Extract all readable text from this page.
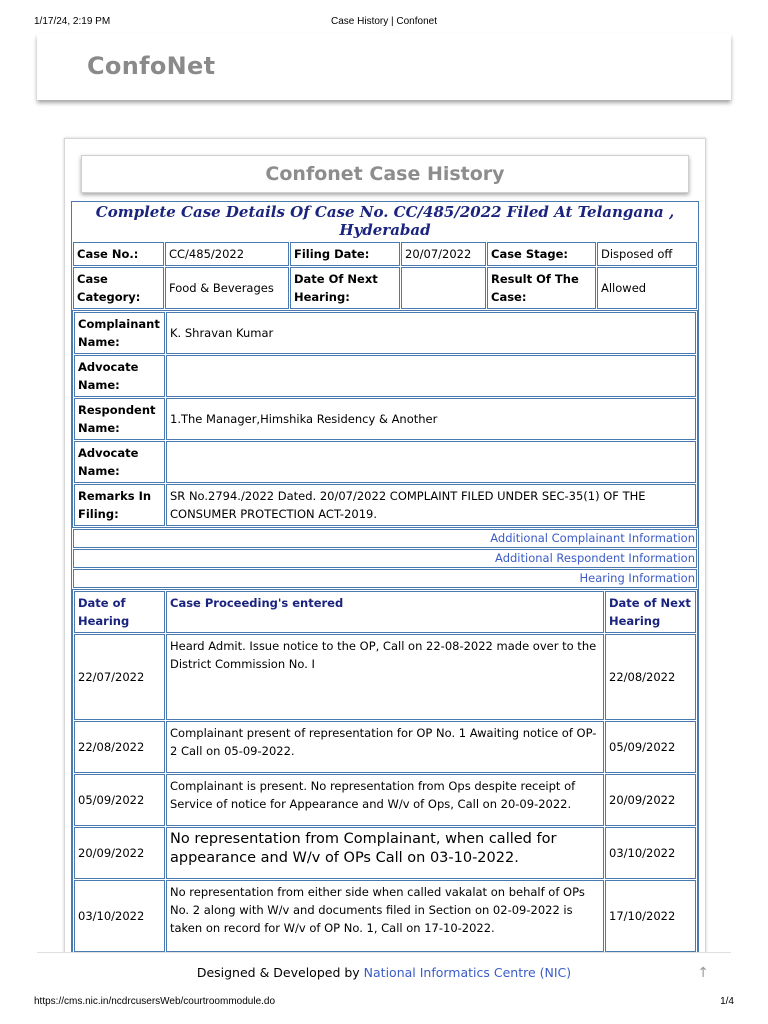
1/17/24, 2:19 PM	Case History | Confonet
ConfoNet
Confonet Case History
Complete Case Details Of Case No. CC/485/2022 Filed At Telangana , Hyderabad
Case No.:	CC/485/2022	Filing Date:	20/07/2022	Case Stage:	Disposed off
Case Category:	Food & Beverages	Date Of Next Hearing:		Result Of The Case:	Allowed
Complainant Name:	K. Shravan Kumar
Advocate Name:	
Respondent Name:	1.The Manager,Himshika Residency & Another
Advocate Name:	
Remarks In Filing:	SR No.2794./2022 Dated. 20/07/2022 COMPLAINT FILED UNDER SEC-35(1) OF THE CONSUMER PROTECTION ACT-2019.
Additional Complainant Information
Additional Respondent Information
Hearing Information
Date of Hearing	Case Proceeding's entered	Date of Next Hearing
22/07/2022	Heard Admit. Issue notice to the OP, Call on 22-08-2022 made over to the District Commission No. I	22/08/2022
22/08/2022	Complainant present of representation for OP No. 1 Awaiting notice of OP-2 Call on 05-09-2022.	05/09/2022
05/09/2022	Complainant is present. No representation from Ops despite receipt of Service of notice for Appearance and W/v of Ops, Call on 20-09-2022.	20/09/2022
20/09/2022	No representation from Complainant, when called for appearance and W/v of OPs Call on 03-10-2022.	03/10/2022
03/10/2022	No representation from either side when called vakalat on behalf of OPs No. 2 along with W/v and documents filed in Section on 02-09-2022 is taken on record for W/v of OP No. 1, Call on 17-10-2022.	17/10/2022

Designed & Developed by National Informatics Centre (NIC)	↑
https://cms.nic.in/ncdrcusersWeb/courtroommodule.do	1/4
